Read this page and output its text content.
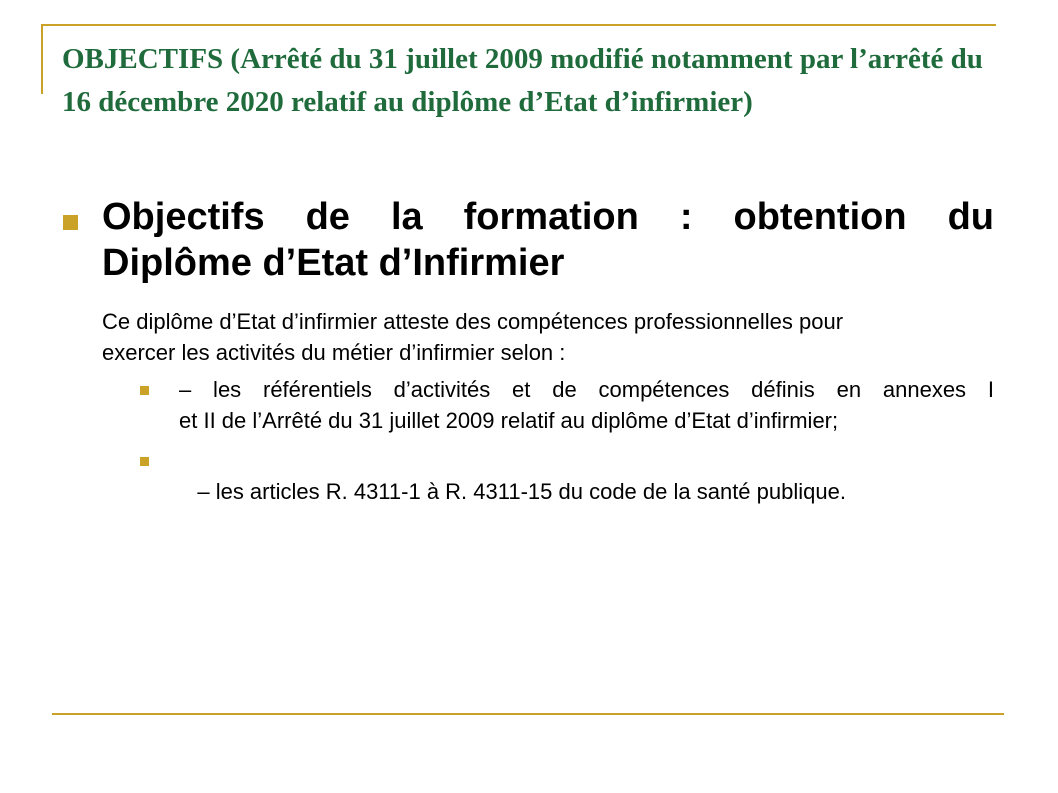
OBJECTIFS (Arrêté du 31 juillet 2009 modifié notamment par l’arrêté du 16 décembre 2020 relatif au diplôme d’Etat d’infirmier)
Objectifs de la formation : obtention du
Diplôme d’Etat d’Infirmier

Ce diplôme d’Etat d’infirmier atteste des compétences professionnelles pour
exercer les activités du métier d’infirmier selon :

– les référentiels d’activités et de compétences définis en annexes I
et II de l’Arrêté du 31 juillet 2009 relatif au diplôme d’Etat d’infirmier;

– les articles R. 4311-1 à R. 4311-15 du code de la santé publique.
